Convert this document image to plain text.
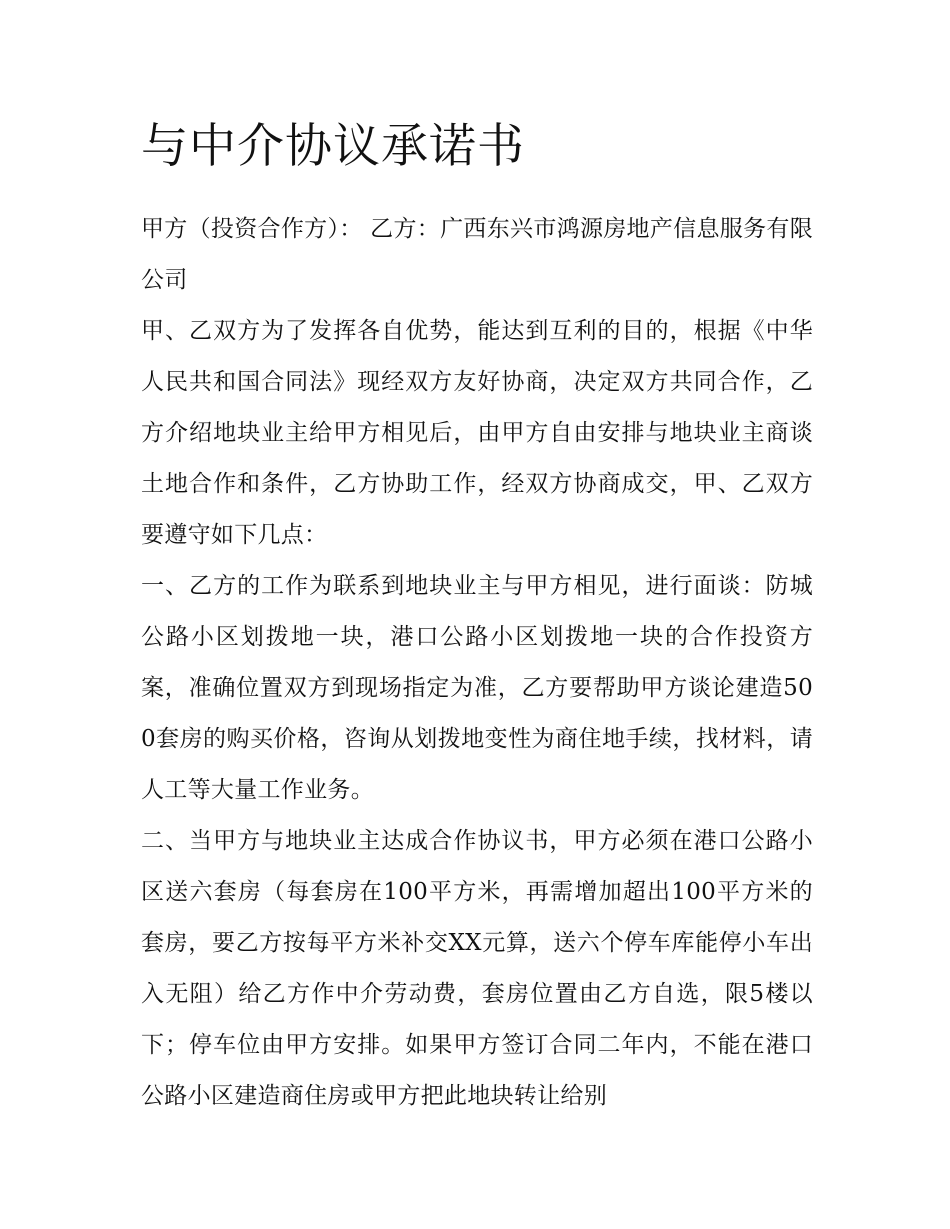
与中介协议承诺书

甲方（投资合作方）： 乙方：广西东兴市鸿源房地产信息服务有限公司

甲、乙双方为了发挥各自优势，能达到互利的目的，根据《中华人民共和国合同法》现经双方友好协商，决定双方共同合作，乙方介绍地块业主给甲方相见后，由甲方自由安排与地块业主商谈土地合作和条件，乙方协助工作，经双方协商成交，甲、乙双方要遵守如下几点：

一、乙方的工作为联系到地块业主与甲方相见，进行面谈：防城公路小区划拨地一块，港口公路小区划拨地一块的合作投资方案，准确位置双方到现场指定为准，乙方要帮助甲方谈论建造500套房的购买价格，咨询从划拨地变性为商住地手续，找材料，请人工等大量工作业务。

二、当甲方与地块业主达成合作协议书，甲方必须在港口公路小区送六套房（每套房在100平方米，再需增加超出100平方米的套房，要乙方按每平方米补交XX元算，送六个停车库能停小车出入无阻）给乙方作中介劳动费，套房位置由乙方自选，限5楼以下；停车位由甲方安排。如果甲方签订合同二年内，不能在港口公路小区建造商住房或甲方把此地块转让给别
